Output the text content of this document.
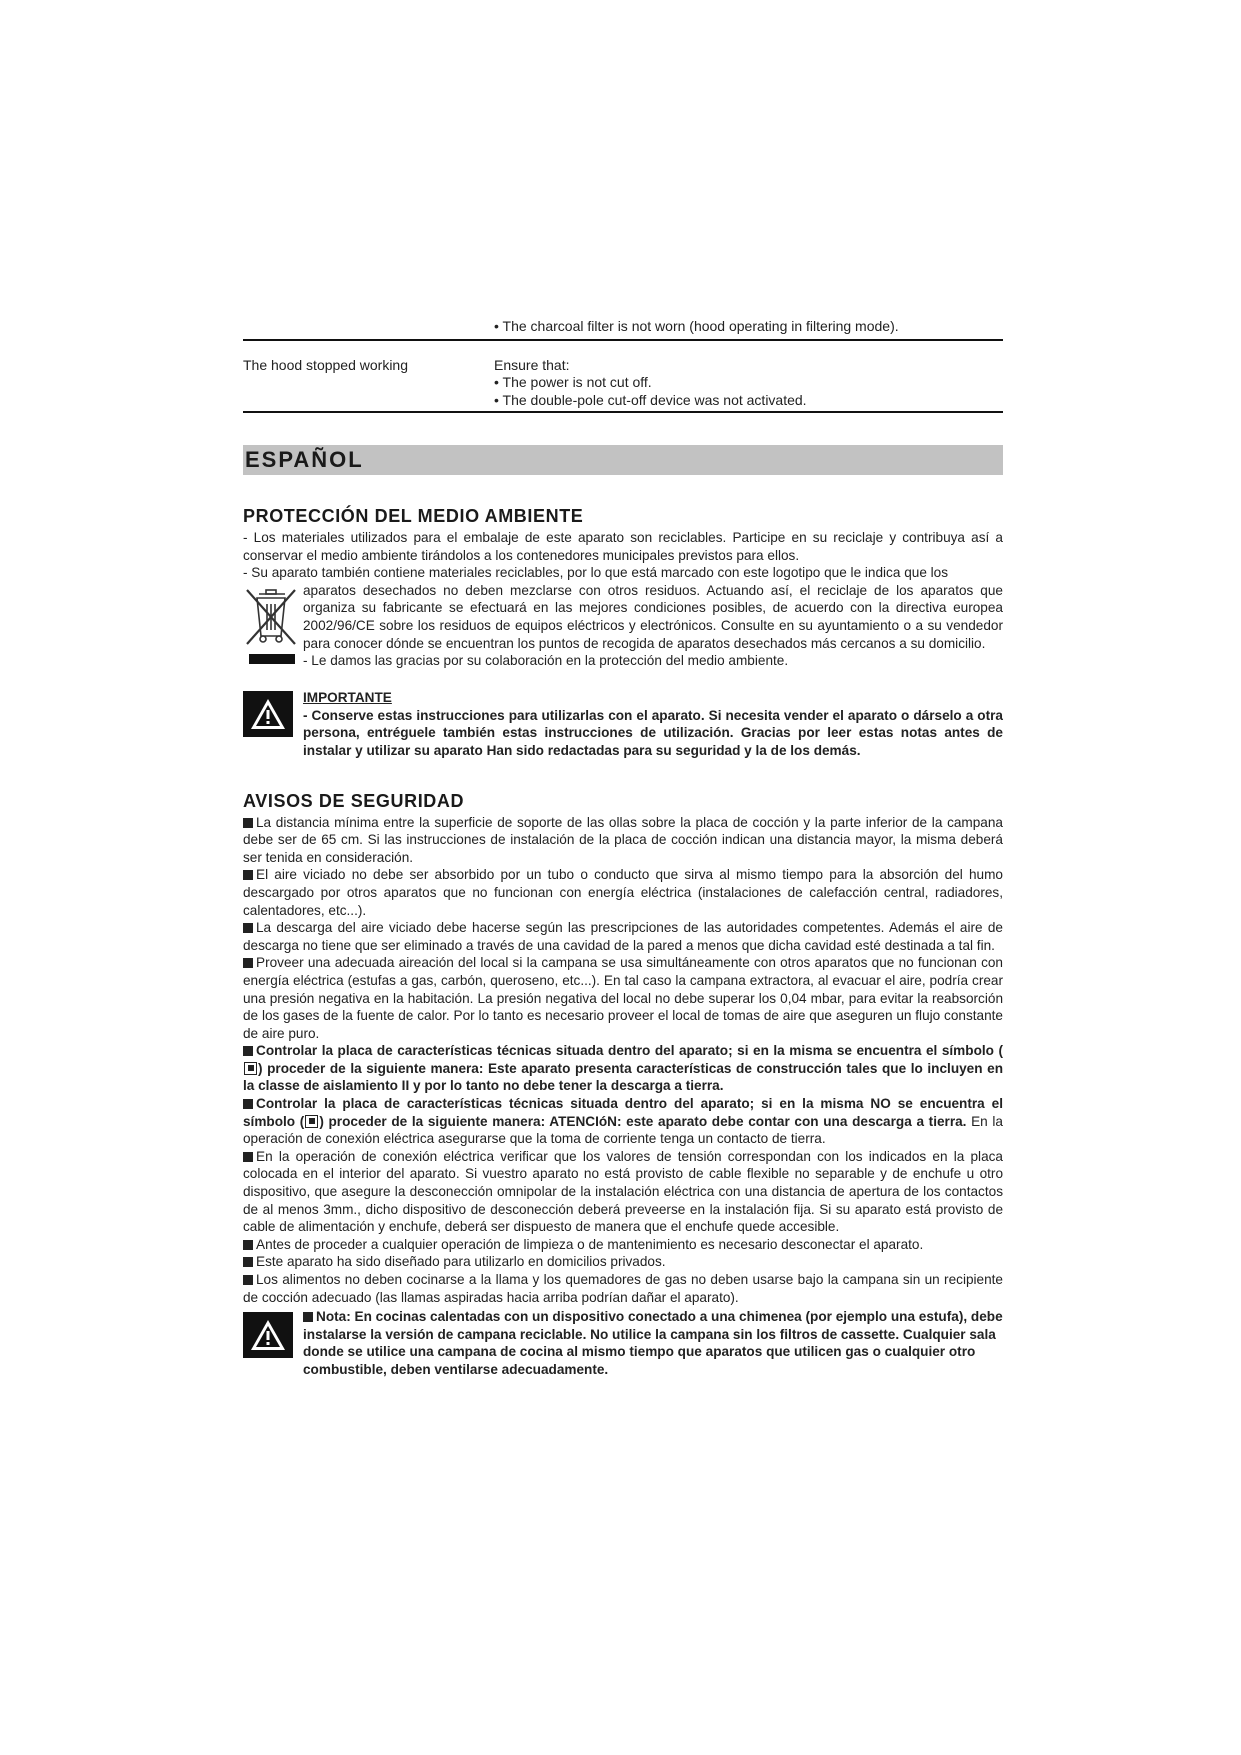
• The charcoal filter is not worn (hood operating in filtering mode).
The hood stopped working	Ensure that:
• The power is not cut off.
• The double-pole cut-off device was not activated.
ESPAÑOL
PROTECCIÓN DEL MEDIO AMBIENTE

- Los materiales utilizados para el embalaje de este aparato son reciclables. Participe en su reciclaje y contribuya así a conservar el medio ambiente tirándolos a los contenedores municipales previstos para ellos.

- Su aparato también contiene materiales reciclables, por lo que está marcado con este logotipo que le indica que los

aparatos desechados no deben mezclarse con otros residuos. Actuando así, el reciclaje de los aparatos que organiza su fabricante se efectuará en las mejores condiciones posibles, de acuerdo con la directiva europea 2002/96/CE sobre los residuos de equipos eléctricos y electrónicos. Consulte en su ayuntamiento o a su vendedor para conocer dónde se encuentran los puntos de recogida de aparatos desechados más cercanos a su domicilio.

- Le damos las gracias por su colaboración en la protección del medio ambiente.

IMPORTANTE

- Conserve estas instrucciones para utilizarlas con el aparato. Si necesita vender el aparato o dárselo a otra persona, entréguele también estas instrucciones de utilización. Gracias por leer estas notas antes de instalar y utilizar su aparato Han sido redactadas para su seguridad y la de los demás.

AVISOS DE SEGURIDAD

La distancia mínima entre la superficie de soporte de las ollas sobre la placa de cocción y la parte inferior de la campana debe ser de 65 cm. Si las instrucciones de instalación de la placa de cocción indican una distancia mayor, la misma deberá ser tenida en consideración.

El aire viciado no debe ser absorbido por un tubo o conducto que sirva al mismo tiempo para la absorción del humo descargado por otros aparatos que no funcionan con energía eléctrica (instalaciones de calefacción central, radiadores, calentadores, etc...).

La descarga del aire viciado debe hacerse según las prescripciones de las autoridades competentes. Además el aire de descarga no tiene que ser eliminado a través de una cavidad de la pared a menos que dicha cavidad esté destinada a tal fin.

Proveer una adecuada aireación del local si la campana se usa simultáneamente con otros aparatos que no funcionan con energía eléctrica (estufas a gas, carbón, queroseno, etc...). En tal caso la campana extractora, al evacuar el aire, podría crear una presión negativa en la habitación. La presión negativa del local no debe superar los 0,04 mbar, para evitar la reabsorción de los gases de la fuente de calor. Por lo tanto es necesario proveer el local de tomas de aire que aseguren un flujo constante de aire puro.

Controlar la placa de características técnicas situada dentro del aparato; si en la misma se encuentra el símbolo () proceder de la siguiente manera: Este aparato presenta características de construcción tales que lo incluyen en la classe de aislamiento II y por lo tanto no debe tener la descarga a tierra.

Controlar la placa de características técnicas situada dentro del aparato; si en la misma NO se encuentra el símbolo ( ) proceder de la siguiente manera: ATENCIóN: este aparato debe contar con una descarga a tierra. En la operación de conexión eléctrica asegurarse que la toma de corriente tenga un contacto de tierra.

En la operación de conexión eléctrica verificar que los valores de tensión correspondan con los indicados en la placa colocada en el interior del aparato. Si vuestro aparato no está provisto de cable flexible no separable y de enchufe u otro dispositivo, que asegure la desconección omnipolar de la instalación eléctrica con una distancia de apertura de los contactos de al menos 3mm., dicho dispositivo de desconección deberá preveerse en la instalación fija. Si su aparato está provisto de cable de alimentación y enchufe, deberá ser dispuesto de manera que el enchufe quede accesible.

Antes de proceder a cualquier operación de limpieza o de mantenimiento es necesario desconectar el aparato.

Este aparato ha sido diseñado para utilizarlo en domicilios privados.

Los alimentos no deben cocinarse a la llama y los quemadores de gas no deben usarse bajo la campana sin un recipiente de cocción adecuado (las llamas aspiradas hacia arriba podrían dañar el aparato).

Nota: En cocinas calentadas con un dispositivo conectado a una chimenea (por ejemplo una estufa), debe instalarse la versión de campana reciclable. No utilice la campana sin los filtros de cassette. Cualquier sala donde se utilice una campana de cocina al mismo tiempo que aparatos que utilicen gas o cualquier otro combustible, deben ventilarse adecuadamente.
